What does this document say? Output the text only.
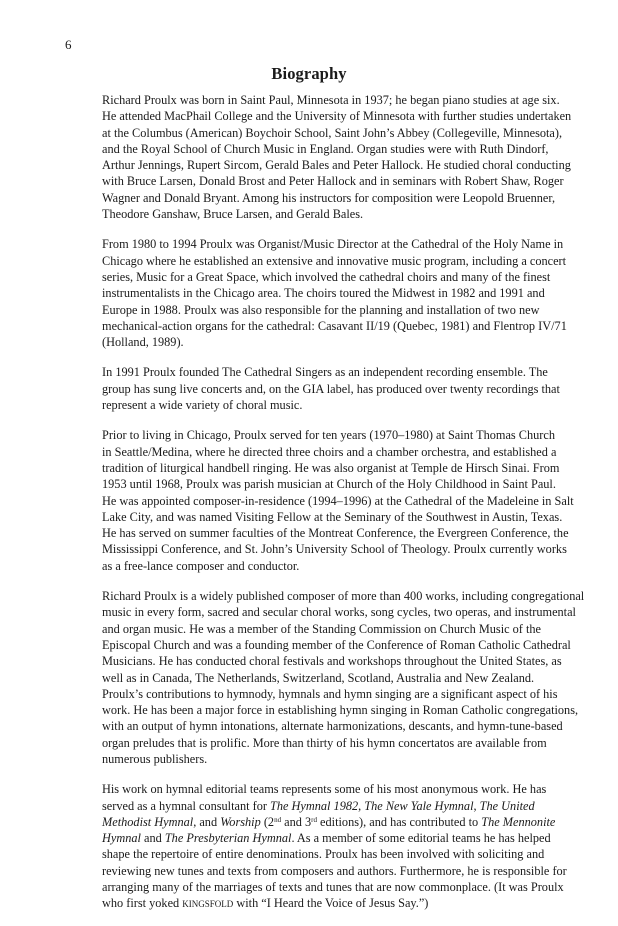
6
Biography

Richard Proulx was born in Saint Paul, Minnesota in 1937; he began piano studies at age six.
He attended MacPhail College and the University of Minnesota with further studies undertaken
at the Columbus (American) Boychoir School, Saint John’s Abbey (Collegeville, Minnesota),
and the Royal School of Church Music in England. Organ studies were with Ruth Dindorf,
Arthur Jennings, Rupert Sircom, Gerald Bales and Peter Hallock. He studied choral conducting
with Bruce Larsen, Donald Brost and Peter Hallock and in seminars with Robert Shaw, Roger
Wagner and Donald Bryant. Among his instructors for composition were Leopold Bruenner,
Theodore Ganshaw, Bruce Larsen, and Gerald Bales.

From 1980 to 1994 Proulx was Organist/Music Director at the Cathedral of the Holy Name in
Chicago where he established an extensive and innovative music program, including a concert
series, Music for a Great Space, which involved the cathedral choirs and many of the finest
instrumentalists in the Chicago area. The choirs toured the Midwest in 1982 and 1991 and
Europe in 1988. Proulx was also responsible for the planning and installation of two new
mechanical-action organs for the cathedral: Casavant II/19 (Quebec, 1981) and Flentrop IV/71
(Holland, 1989).

In 1991 Proulx founded The Cathedral Singers as an independent recording ensemble. The
group has sung live concerts and, on the GIA label, has produced over twenty recordings that
represent a wide variety of choral music.

Prior to living in Chicago, Proulx served for ten years (1970–1980) at Saint Thomas Church
in Seattle/Medina, where he directed three choirs and a chamber orchestra, and established a
tradition of liturgical handbell ringing. He was also organist at Temple de Hirsch Sinai. From
1953 until 1968, Proulx was parish musician at Church of the Holy Childhood in Saint Paul.
He was appointed composer-in-residence (1994–1996) at the Cathedral of the Madeleine in Salt
Lake City, and was named Visiting Fellow at the Seminary of the Southwest in Austin, Texas.
He has served on summer faculties of the Montreat Conference, the Evergreen Conference, the
Mississippi Conference, and St. John’s University School of Theology. Proulx currently works
as a free-lance composer and conductor.

Richard Proulx is a widely published composer of more than 400 works, including congregational
music in every form, sacred and secular choral works, song cycles, two operas, and instrumental
and organ music. He was a member of the Standing Commission on Church Music of the
Episcopal Church and was a founding member of the Conference of Roman Catholic Cathedral
Musicians. He has conducted choral festivals and workshops throughout the United States, as
well as in Canada, The Netherlands, Switzerland, Scotland, Australia and New Zealand.

Proulx’s contributions to hymnody, hymnals and hymn singing are a significant aspect of his
work. He has been a major force in establishing hymn singing in Roman Catholic congregations,
with an output of hymn intonations, alternate harmonizations, descants, and hymn-tune-based
organ preludes that is prolific. More than thirty of his hymn concertatos are available from
numerous publishers.

His work on hymnal editorial teams represents some of his most anonymous work. He has
served as a hymnal consultant for The Hymnal 1982, The New Yale Hymnal, The United
Methodist Hymnal, and Worship (2nd and 3rd editions), and has contributed to The Mennonite
Hymnal and The Presbyterian Hymnal. As a member of some editorial teams he has helped
shape the repertoire of entire denominations. Proulx has been involved with soliciting and
reviewing new tunes and texts from composers and authors. Furthermore, he is responsible for
arranging many of the marriages of texts and tunes that are now commonplace. (It was Proulx
who first yoked kingsfold with “I Heard the Voice of Jesus Say.”)
